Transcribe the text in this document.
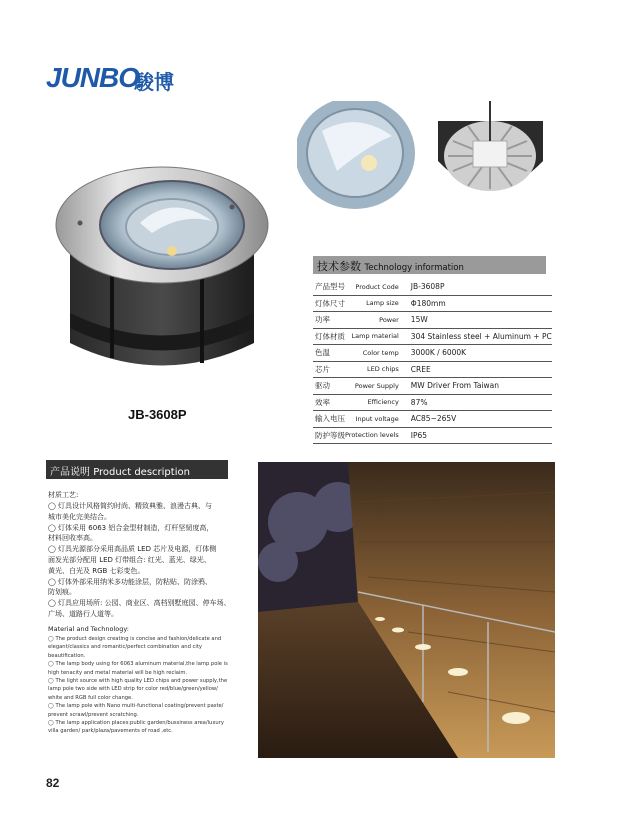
JUNBO
駿博
JB-3608P
技术参数 Technology information
产品型号	Product Code	JB-3608P
灯体尺寸	Lamp size	Φ180mm
功率	Power	15W
灯体材质	Lamp material	304 Stainless steel + Aluminum + PC
色温	Color temp	3000K / 6000K
芯片	LED chips	CREE
驱动	Power Supply	MW Driver From Taiwan
效率	Efficiency	87%
输入电压	Input voltage	AC85~265V
防护等级	Protection levels	IP65
产品说明 Product description
材质工艺:
◯ 灯具设计风格简约时尚、精致典雅、浪漫古典、与
城市美化完美结合。
◯ 灯体采用 6063 铝合金型材制造，灯杆坚韧度高，
材料回收率高。
◯ 灯具光源部分采用高品质 LED 芯片及电源，灯体侧
面发光部分配用 LED 灯带组合: 红光、蓝光、绿光、
黄光、白光及 RGB 七彩变色。
◯ 灯体外部采用纳米多功能涂层，防粘贴、防涂鸦、
防划痕。
◯ 灯具应用场所: 公园、商业区、高档别墅庭园、停车场、
广场、道路行人道等。
Material and Technology:
◯ The product design creating is concise and fashion/delicate and
elegant/classics and romantic/perfect combination and city
beautification.
◯ The lamp body using for 6063 aluminum material,the lamp pole is
high tenacity and metal material will be high reclaim.
◯ The light source with high quality LED chips and power supply,the
lamp pole two side with LED strip for color red/blue/green/yellow/
white and RGB full color change.
◯ The lamp pole with Nano multi-functional coating/prevent paste/
prevent scrawl/prevent scratching.
◯ The lamp application places:public garden/bussiness area/luxury
villa garden/ park/plaza/pavements of road ,etc.
82
